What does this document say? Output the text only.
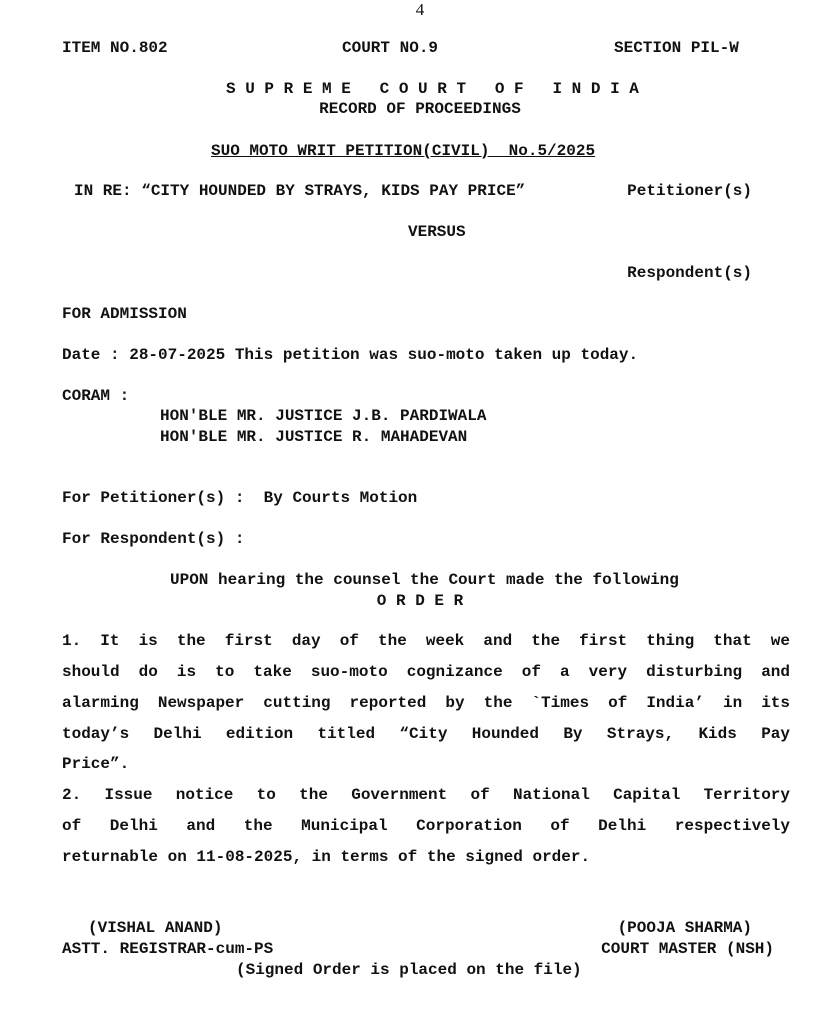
4
ITEM NO.802	COURT NO.9	SECTION PIL-W
S U P R E M E   C O U R T   O F   I N D I A
RECORD OF PROCEEDINGS
SUO MOTO WRIT PETITION(CIVIL)  No.5/2025
IN RE: “CITY HOUNDED BY STRAYS, KIDS PAY PRICE”	Petitioner(s)
VERSUS
Respondent(s)
FOR ADMISSION
Date : 28-07-2025 This petition was suo-moto taken up today.
CORAM :
HON'BLE MR. JUSTICE J.B. PARDIWALA
HON'BLE MR. JUSTICE R. MAHADEVAN
For Petitioner(s) :  By Courts Motion
For Respondent(s) :
UPON hearing the counsel the Court made the following
O R D E R
1. It is the first day of the week and the first thing that we
should do is to take suo-moto cognizance of a very disturbing and
alarming Newspaper cutting reported by the `Times of India’ in its
today’s Delhi edition titled “City Hounded By Strays, Kids Pay
Price”.
2. Issue notice to the Government of National Capital Territory
of Delhi and the Municipal Corporation of Delhi respectively
returnable on 11-08-2025, in terms of the signed order.
(VISHAL ANAND)
ASTT. REGISTRAR-cum-PS
(POOJA SHARMA)
COURT MASTER (NSH)
(Signed Order is placed on the file)
